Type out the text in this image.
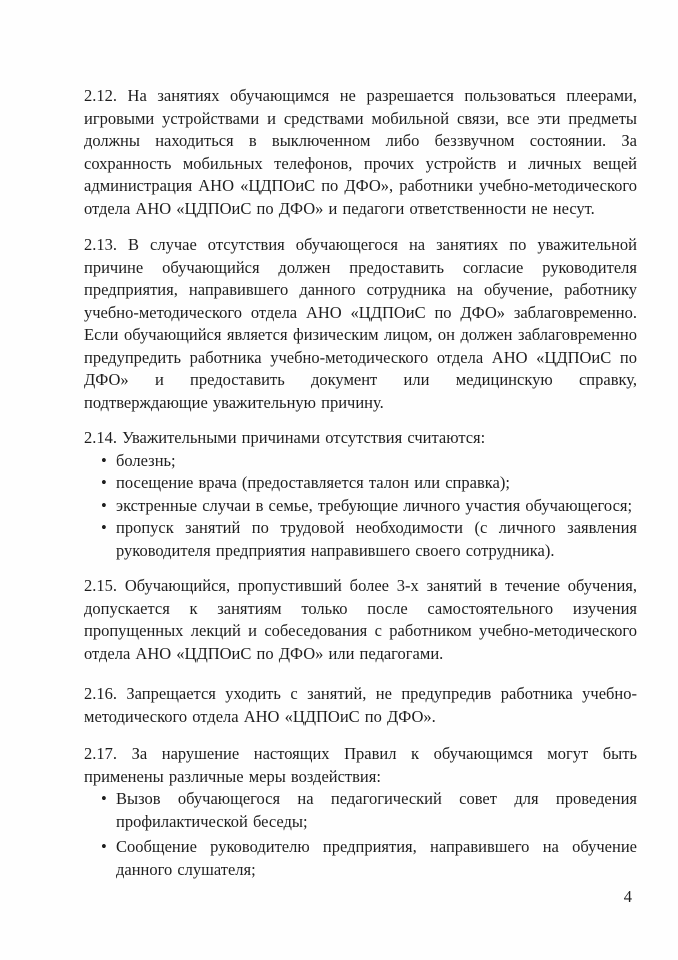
2.12. На занятиях обучающимся не разрешается пользоваться плеерами, игровыми устройствами и средствами мобильной связи, все эти предметы должны находиться в выключенном либо беззвучном состоянии. За сохранность мобильных телефонов, прочих устройств и личных вещей администрация АНО «ЦДПОиС по ДФО», работники учебно-методического отдела АНО «ЦДПОиС по ДФО» и педагоги ответственности не несут.

2.13. В случае отсутствия обучающегося на занятиях по уважительной причине обучающийся должен предоставить согласие руководителя предприятия, направившего данного сотрудника на обучение, работнику учебно-методического отдела АНО «ЦДПОиС по ДФО» заблаговременно. Если обучающийся является физическим лицом, он должен заблаговременно предупредить работника учебно-методического отдела АНО «ЦДПОиС по ДФО» и предоставить документ или медицинскую справку, подтверждающие уважительную причину.

2.14. Уважительными причинами отсутствия считаются:

• болезнь;
• посещение врача (предоставляется талон или справка);
• экстренные случаи в семье, требующие личного участия обучающегося;
• пропуск занятий по трудовой необходимости (с личного заявления руководителя предприятия направившего своего сотрудника).

2.15. Обучающийся, пропустивший более 3-х занятий в течение обучения, допускается к занятиям только после самостоятельного изучения пропущенных лекций и собеседования с работником учебно-методического отдела АНО «ЦДПОиС по ДФО» или педагогами.

2.16. Запрещается уходить с занятий, не предупредив работника учебно-методического отдела АНО «ЦДПОиС по ДФО».

2.17. За нарушение настоящих Правил к обучающимся могут быть применены различные меры воздействия:

• Вызов обучающегося на педагогический совет для проведения профилактической беседы;
• Сообщение руководителю предприятия, направившего на обучение данного слушателя;
4
